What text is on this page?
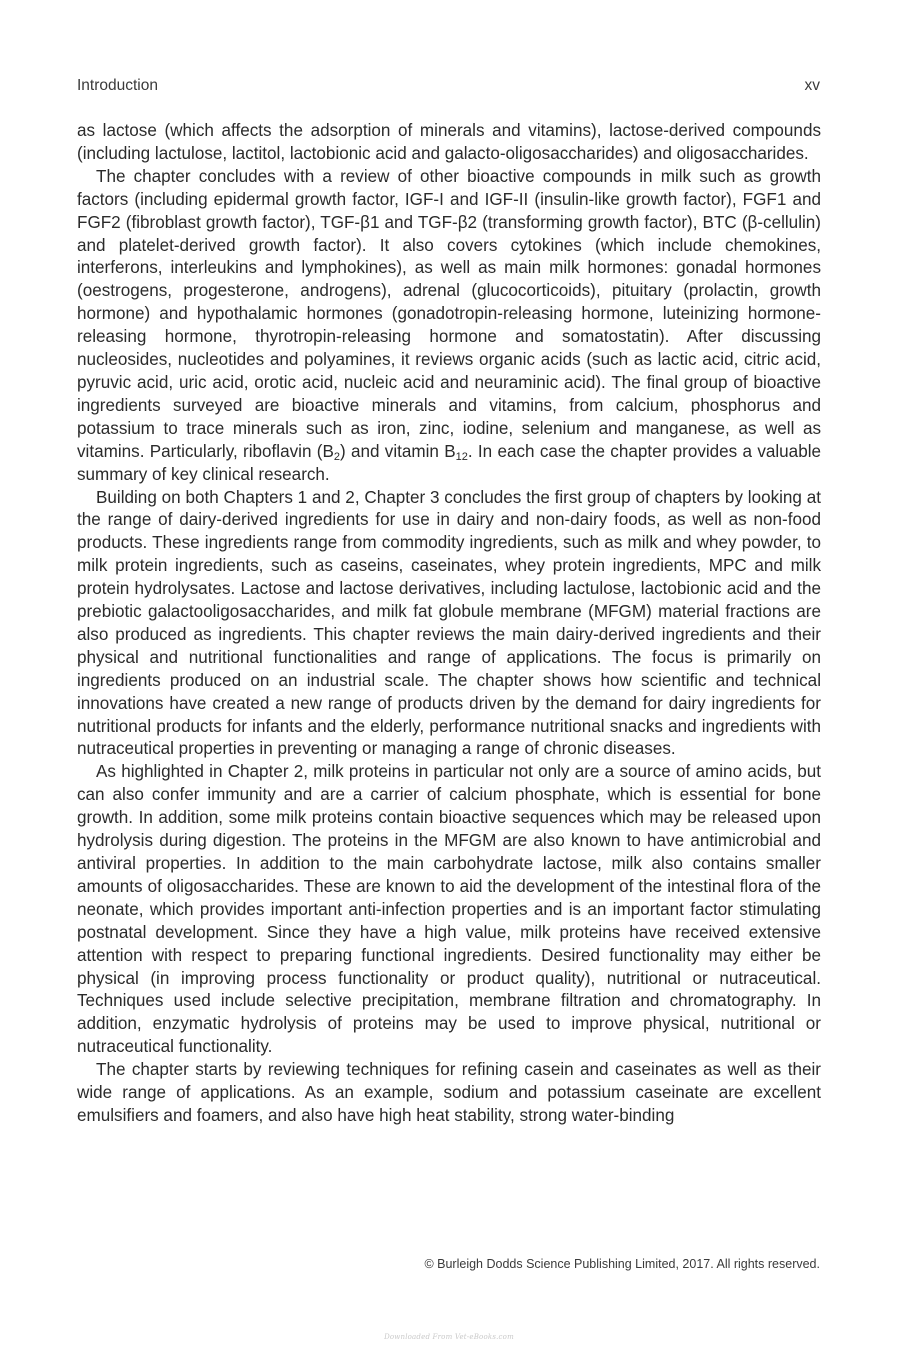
Introduction	xv

as lactose (which affects the adsorption of minerals and vitamins), lactose-derived compounds (including lactulose, lactitol, lactobionic acid and galacto-oligosaccharides) and oligosaccharides.

The chapter concludes with a review of other bioactive compounds in milk such as growth factors (including epidermal growth factor, IGF-I and IGF-II (insulin-like growth factor), FGF1 and FGF2 (fibroblast growth factor), TGF-β1 and TGF-β2 (transforming growth factor), BTC (β-cellulin) and platelet-derived growth factor). It also covers cytokines (which include chemokines, interferons, interleukins and lymphokines), as well as main milk hormones: gonadal hormones (oestrogens, progesterone, androgens), adrenal (glucocorticoids), pituitary (prolactin, growth hormone) and hypothalamic hormones (gonadotropin-releasing hormone, luteinizing hormone-releasing hormone, thyrotropin-releasing hormone and somatostatin). After discussing nucleosides, nucleotides and polyamines, it reviews organic acids (such as lactic acid, citric acid, pyruvic acid, uric acid, orotic acid, nucleic acid and neuraminic acid). The final group of bioactive ingredients surveyed are bioactive minerals and vitamins, from calcium, phosphorus and potassium to trace minerals such as iron, zinc, iodine, selenium and manganese, as well as vitamins. Particularly, riboflavin $(B_2)$ and vitamin $B_{12}$. In each case the chapter provides a valuable summary of key clinical research.

Building on both Chapters 1 and 2, Chapter 3 concludes the first group of chapters by looking at the range of dairy-derived ingredients for use in dairy and non-dairy foods, as well as non-food products. These ingredients range from commodity ingredients, such as milk and whey powder, to milk protein ingredients, such as caseins, caseinates, whey protein ingredients, MPC and milk protein hydrolysates. Lactose and lactose derivatives, including lactulose, lactobionic acid and the prebiotic galactooligosaccharides, and milk fat globule membrane (MFGM) material fractions are also produced as ingredients. This chapter reviews the main dairy-derived ingredients and their physical and nutritional functionalities and range of applications. The focus is primarily on ingredients produced on an industrial scale. The chapter shows how scientific and technical innovations have created a new range of products driven by the demand for dairy ingredients for nutritional products for infants and the elderly, performance nutritional snacks and ingredients with nutraceutical properties in preventing or managing a range of chronic diseases.

As highlighted in Chapter 2, milk proteins in particular not only are a source of amino acids, but can also confer immunity and are a carrier of calcium phosphate, which is essential for bone growth. In addition, some milk proteins contain bioactive sequences which may be released upon hydrolysis during digestion. The proteins in the MFGM are also known to have antimicrobial and antiviral properties. In addition to the main carbohydrate lactose, milk also contains smaller amounts of oligosaccharides. These are known to aid the development of the intestinal flora of the neonate, which provides important anti-infection properties and is an important factor stimulating postnatal development. Since they have a high value, milk proteins have received extensive attention with respect to preparing functional ingredients. Desired functionality may either be physical (in improving process functionality or product quality), nutritional or nutraceutical. Techniques used include selective precipitation, membrane filtration and chromatography. In addition, enzymatic hydrolysis of proteins may be used to improve physical, nutritional or nutraceutical functionality.

The chapter starts by reviewing techniques for refining casein and caseinates as well as their wide range of applications. As an example, sodium and potassium caseinate are excellent emulsifiers and foamers, and also have high heat stability, strong water-binding

© Burleigh Dodds Science Publishing Limited, 2017. All rights reserved.
Downloaded From Vet-eBooks.com
